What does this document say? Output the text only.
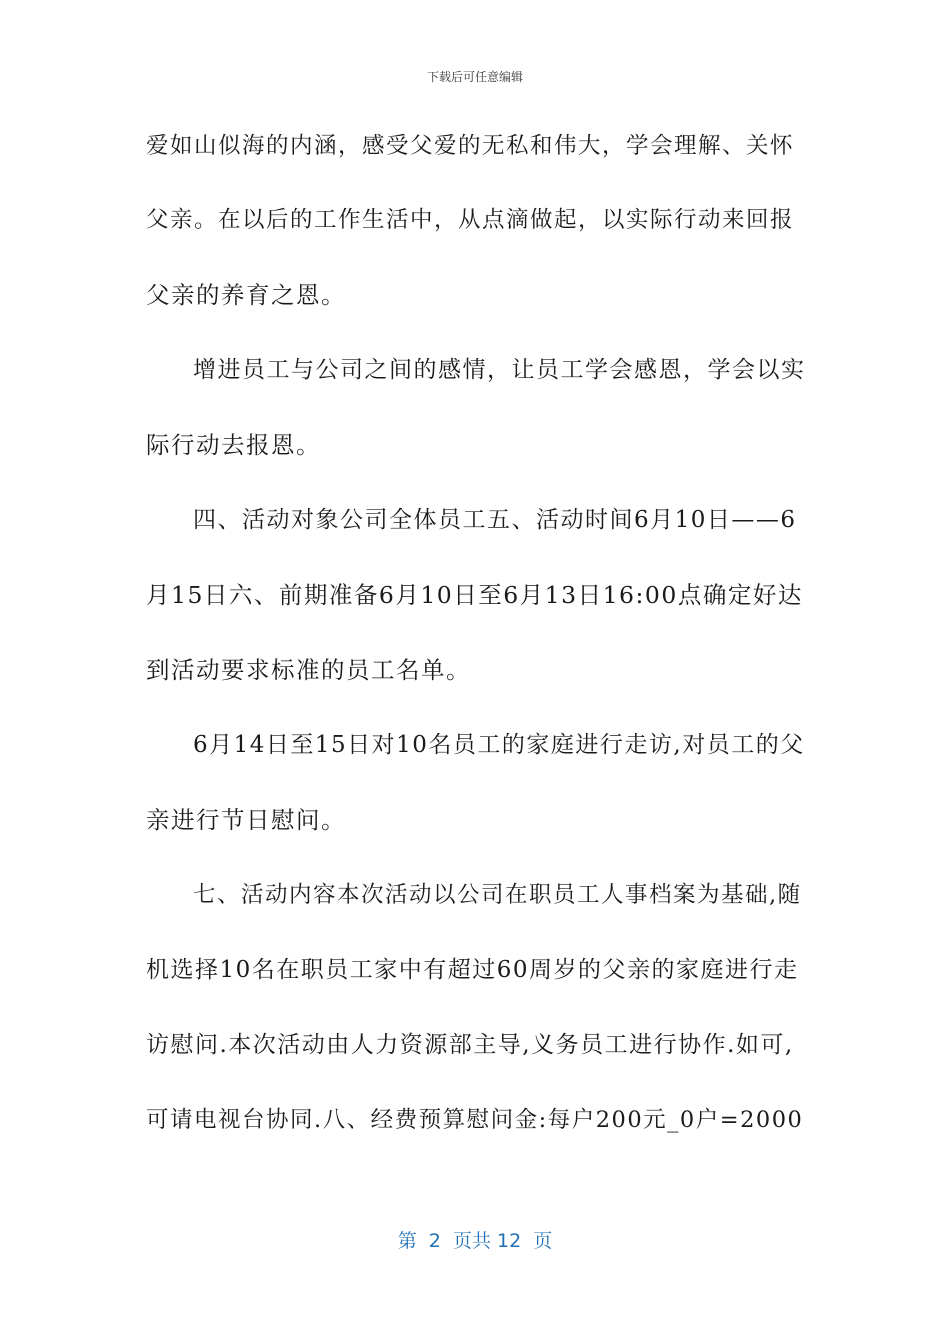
下载后可任意编辑
爱如山似海的内涵，感受父爱的无私和伟大，学会理解、关怀
父亲。在以后的工作生活中，从点滴做起，以实际行动来回报
父亲的养育之恩。
增进员工与公司之间的感情，让员工学会感恩，学会以实
际行动去报恩。
四、活动对象公司全体员工五、活动时间6月10日——6
月15日六、前期准备6月10日至6月13日16:00点确定好达
到活动要求标准的员工名单。
6月14日至15日对10名员工的家庭进行走访,对员工的父
亲进行节日慰问。
七、活动内容本次活动以公司在职员工人事档案为基础,随
机选择10名在职员工家中有超过60周岁的父亲的家庭进行走
访慰问.本次活动由人力资源部主导,义务员工进行协作.如可,
可请电视台协同.八、经费预算慰问金:每户200元_0户=2000
第  2  页共 12  页
